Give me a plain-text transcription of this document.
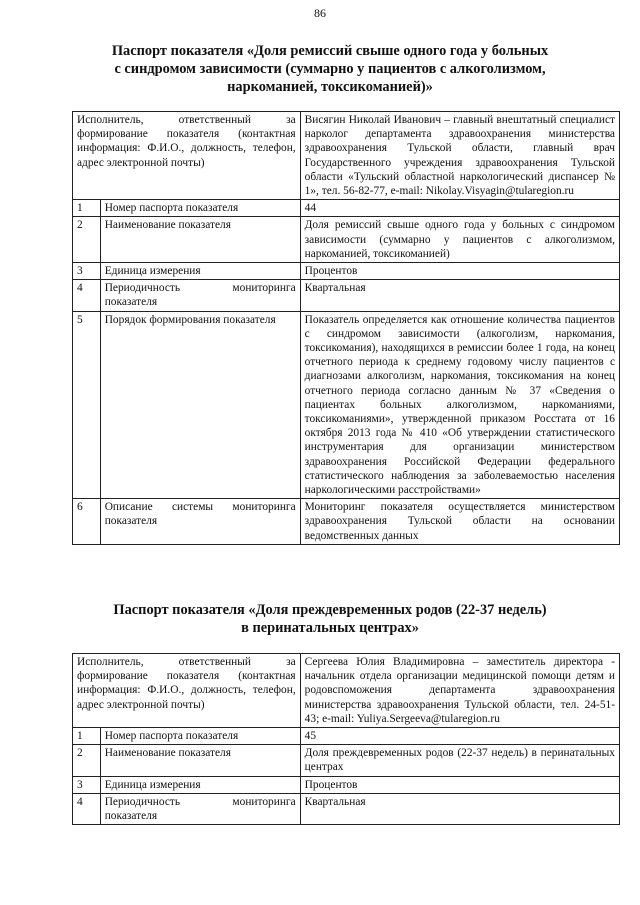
86
Паспорт показателя «Доля ремиссий свыше одного года у больных
с синдромом зависимости (суммарно у пациентов с алкоголизмом,
наркоманией, токсикоманией)»
Исполнитель, ответственный за формирование показателя (контактная информация: Ф.И.О., должность, телефон, адрес электронной почты)		Висягин Николай Иванович – главный внештатный специалист нарколог департамента здравоохранения министерства здравоохранения Тульской области, главный врач Государственного учреждения здравоохранения Тульской области «Тульский областной наркологический диспансер № 1», тел. 56-82-77, e-mail: Nikolay.Visyagin@tularegion.ru
1	Номер паспорта показателя	44
2	Наименование показателя	Доля ремиссий свыше одного года у больных с синдромом зависимости (суммарно у пациентов с алкоголизмом, наркоманией, токсикоманией)
3	Единица измерения	Процентов
4	Периодичность мониторинга показателя	Квартальная
5	Порядок формирования показателя	Показатель определяется как отношение количества пациентов с синдромом зависимости (алкоголизм, наркомания, токсикомания), находящихся в ремиссии более 1 года, на конец отчетного периода к среднему годовому числу пациентов с диагнозами алкоголизм, наркомания, токсикомания на конец отчетного периода согласно данным № 37 «Сведения о пациентах больных алкоголизмом, наркоманиями, токсикоманиями», утвержденной приказом Росстата от 16 октября 2013 года № 410 «Об утверждении статистического инструментария для организации министерством здравоохранения Российской Федерации федерального статистического наблюдения за заболеваемостью населения наркологическими расстройствами»
6	Описание системы мониторинга показателя	Мониторинг показателя осуществляется министерством здравоохранения Тульской области на основании ведомственных данных
Паспорт показателя «Доля преждевременных родов (22-37 недель)
в перинатальных центрах»
Исполнитель, ответственный за формирование показателя (контактная информация: Ф.И.О., должность, телефон, адрес электронной почты)		Сергеева Юлия Владимировна – заместитель директора - начальник отдела организации медицинской помощи детям и родовспоможения департамента здравоохранения министерства здравоохранения Тульской области, тел. 24-51-43; e-mail: Yuliya.Sergeeva@tularegion.ru
1	Номер паспорта показателя	45
2	Наименование показателя	Доля преждевременных родов (22-37 недель) в перинатальных центрах
3	Единица измерения	Процентов
4	Периодичность мониторинга показателя	Квартальная
